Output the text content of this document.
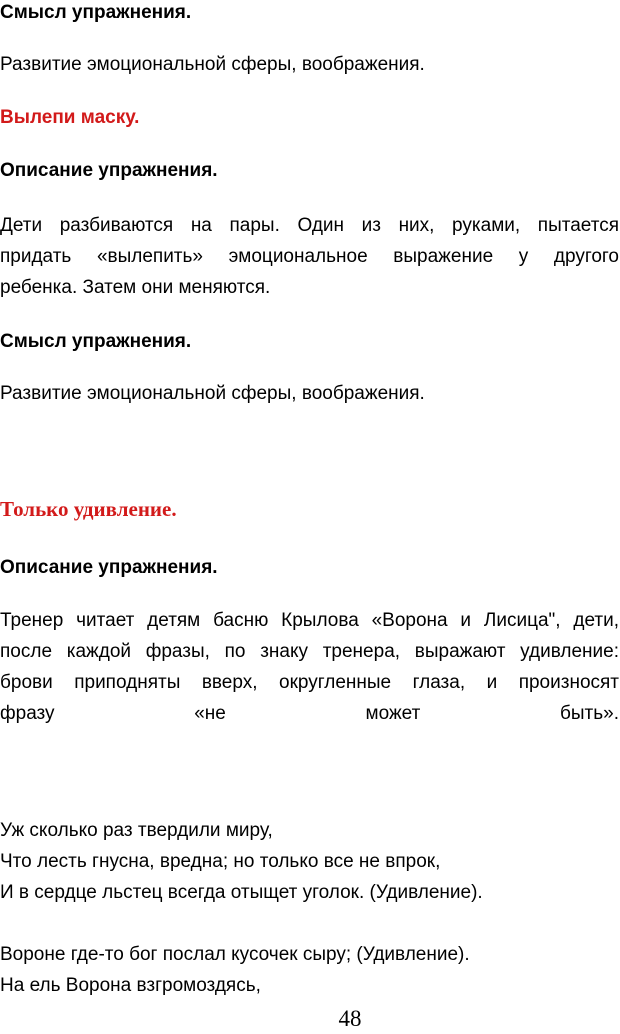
Смысл упражнения.

Развитие эмоциональной сферы, воображения.

Вылепи маску.

Описание упражнения.

Дети разбиваются на пары. Один из них, руками, пытается
придать «вылепить» эмоциональное выражение у другого
ребенка. Затем они меняются.

Смысл упражнения.

Развитие эмоциональной сферы, воображения.

Только удивление.

Описание упражнения.

Тренер читает детям басню Крылова «Ворона и Лисица", дети,
после каждой фразы, по знаку тренера, выражают удивление:
брови приподняты вверх, округленные глаза, и произносят
фразу «не может быть».
Уж сколько раз твердили миру,
Что лесть гнусна, вредна; но только все не впрок,
И в сердце льстец всегда отыщет уголок. (Удивление).
Вороне где-то бог послал кусочек сыру; (Удивление).
На ель Ворона взгромоздясь,
48
